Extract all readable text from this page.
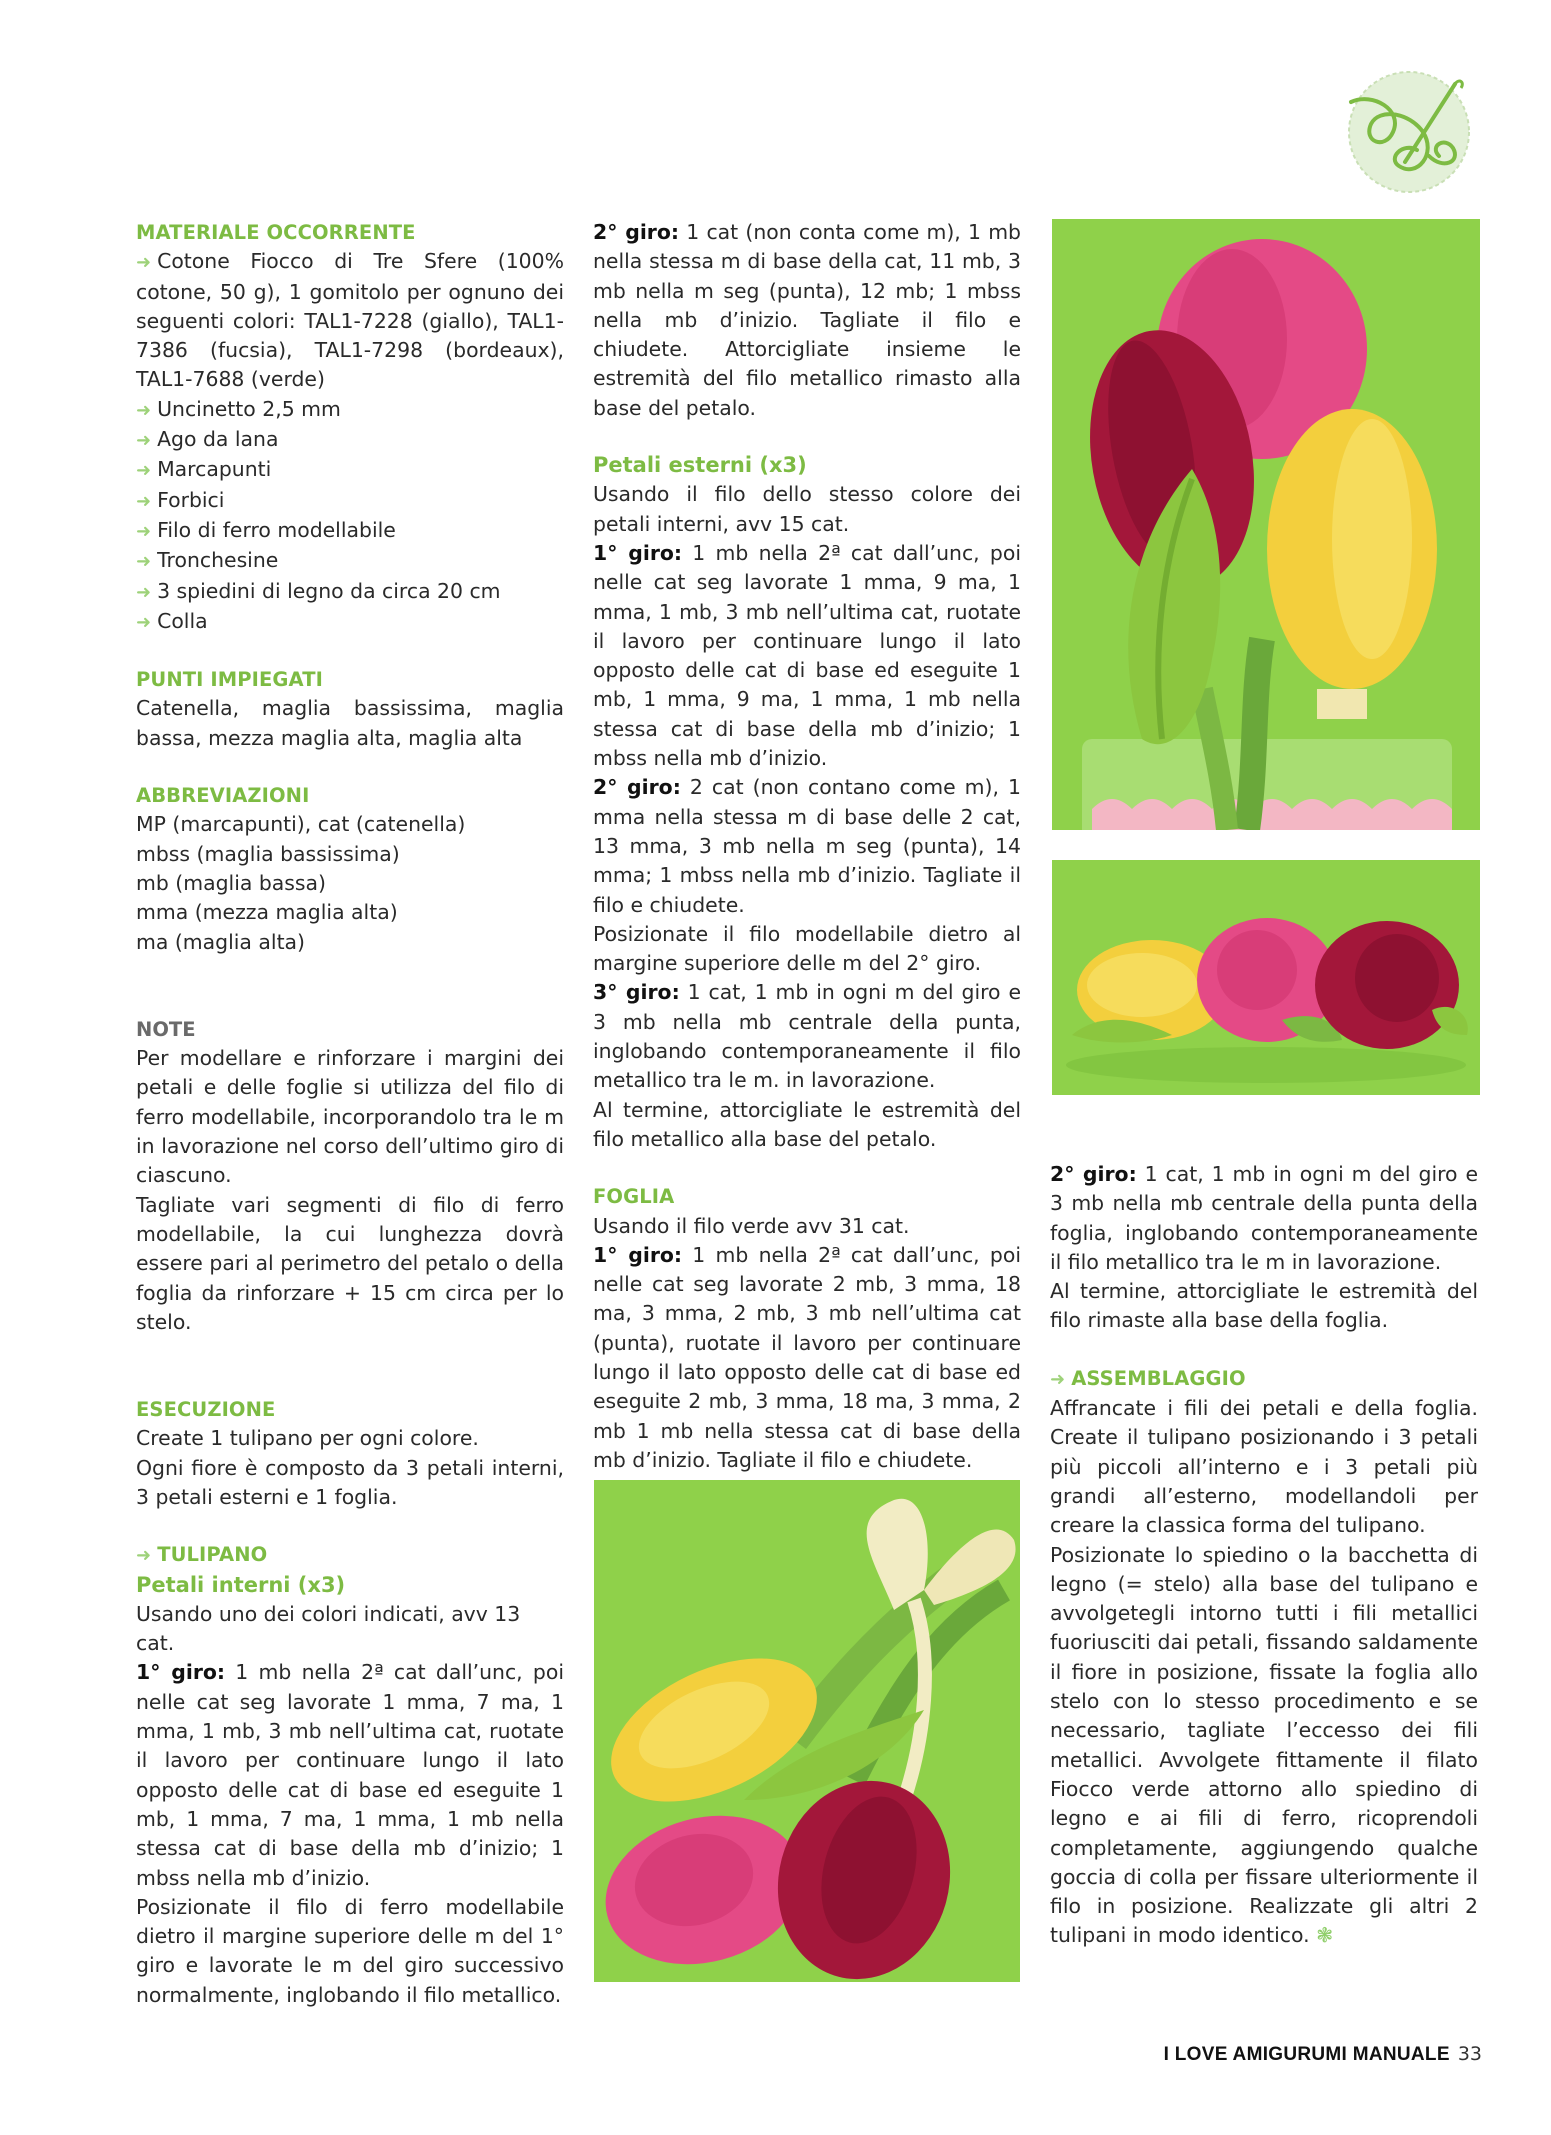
MATERIALE OCCORRENTE
➜ Cotone Fiocco di Tre Sfere (100% cotone, 50 g), 1 gomitolo per ognuno dei seguenti colori: TAL1-7228 (giallo), TAL1-7386 (fucsia), TAL1-7298 (bordeaux), TAL1-7688 (verde)
➜ Uncinetto 2,5 mm
➜ Ago da lana
➜ Marcapunti
➜ Forbici
➜ Filo di ferro modellabile
➜ Tronchesine
➜ 3 spiedini di legno da circa 20 cm
➜ Colla
PUNTI IMPIEGATI
Catenella, maglia bassissima, maglia bassa, mezza maglia alta, maglia alta
ABBREVIAZIONI
MP (marcapunti), cat (catenella)
mbss (maglia bassissima)
mb (maglia bassa)
mma (mezza maglia alta)
ma (maglia alta)
NOTE
Per modellare e rinforzare i margini dei petali e delle foglie si utilizza del filo di ferro modellabile, incorporandolo tra le m in lavorazione nel corso dell’ultimo giro di ciascuno.
Tagliate vari segmenti di filo di ferro modellabile, la cui lunghezza dovrà essere pari al perimetro del petalo o della foglia da rinforzare + 15 cm circa per lo stelo.
ESECUZIONE
Create 1 tulipano per ogni colore.
Ogni fiore è composto da 3 petali interni, 3 petali esterni e 1 foglia.
➜ TULIPANO
Petali interni (x3)
Usando uno dei colori indicati, avv 13 cat.
1° giro: 1 mb nella 2ª cat dall’unc, poi nelle cat seg lavorate 1 mma, 7 ma, 1 mma, 1 mb, 3 mb nell’ultima cat, ruotate il lavoro per continuare lungo il lato opposto delle cat di base ed eseguite 1 mb, 1 mma, 7 ma, 1 mma, 1 mb nella stessa cat di base della mb d’inizio; 1 mbss nella mb d’inizio.
Posizionate il filo di ferro modellabile dietro il margine superiore delle m del 1° giro e lavorate le m del giro successivo normalmente, inglobando il filo metallico.
2° giro: 1 cat (non conta come m), 1 mb nella stessa m di base della cat, 11 mb, 3 mb nella m seg (punta), 12 mb; 1 mbss nella mb d’inizio. Tagliate il filo e chiudete. Attorcigliate insieme le estremità del filo metallico rimasto alla base del petalo.
Petali esterni (x3)
Usando il filo dello stesso colore dei petali interni, avv 15 cat.
1° giro: 1 mb nella 2ª cat dall’unc, poi nelle cat seg lavorate 1 mma, 9 ma, 1 mma, 1 mb, 3 mb nell’ultima cat, ruotate il lavoro per continuare lungo il lato opposto delle cat di base ed eseguite 1 mb, 1 mma, 9 ma, 1 mma, 1 mb nella stessa cat di base della mb d’inizio; 1 mbss nella mb d’inizio.
2° giro: 2 cat (non contano come m), 1 mma nella stessa m di base delle 2 cat, 13 mma, 3 mb nella m seg (punta), 14 mma; 1 mbss nella mb d’inizio. Tagliate il filo e chiudete.
Posizionate il filo modellabile dietro al margine superiore delle m del 2° giro.
3° giro: 1 cat, 1 mb in ogni m del giro e 3 mb nella mb centrale della punta, inglobando contemporaneamente il filo metallico tra le m. in lavorazione.
Al termine, attorcigliate le estremità del filo metallico alla base del petalo.
FOGLIA
Usando il filo verde avv 31 cat.
1° giro: 1 mb nella 2ª cat dall’unc, poi nelle cat seg lavorate 2 mb, 3 mma, 18 ma, 3 mma, 2 mb, 3 mb nell’ultima cat (punta), ruotate il lavoro per continuare lungo il lato opposto delle cat di base ed eseguite 2 mb, 3 mma, 18 ma, 3 mma, 2 mb 1 mb nella stessa cat di base della mb d’inizio. Tagliate il filo e chiudete.
2° giro: 1 cat, 1 mb in ogni m del giro e 3 mb nella mb centrale della punta della foglia, inglobando contemporaneamente il filo metallico tra le m in lavorazione.
Al termine, attorcigliate le estremità del filo rimaste alla base della foglia.
➜ ASSEMBLAGGIO
Affrancate i fili dei petali e della foglia. Create il tulipano posizionando i 3 petali più piccoli all’interno e i 3 petali più grandi all’esterno, modellandoli per creare la classica forma del tulipano.
Posizionate lo spiedino o la bacchetta di legno (= stelo) alla base del tulipano e avvolgetegli intorno tutti i fili metallici fuoriusciti dai petali, fissando saldamente il fiore in posizione, fissate la foglia allo stelo con lo stesso procedimento e se necessario, tagliate l’eccesso dei fili metallici. Avvolgete fittamente il filato Fiocco verde attorno allo spiedino di legno e ai fili di ferro, ricoprendoli completamente, aggiungendo qualche goccia di colla per fissare ulteriormente il filo in posizione. Realizzate gli altri 2 tulipani in modo identico. ❃
I LOVE AMIGURUMI MANUALE 33
